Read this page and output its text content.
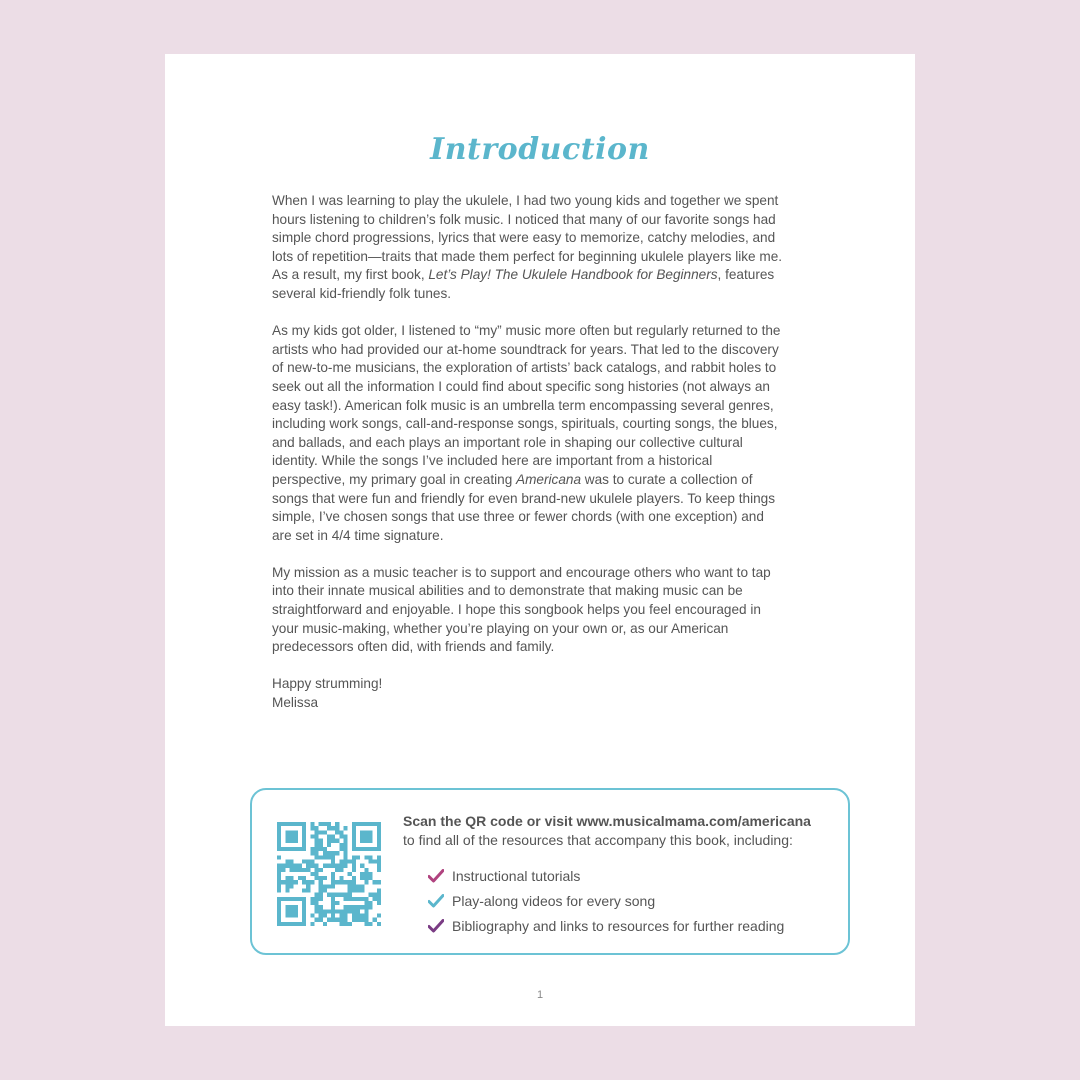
Introduction

When I was learning to play the ukulele, I had two young kids and together we spent hours listening to children’s folk music. I noticed that many of our favorite songs had simple chord progressions, lyrics that were easy to memorize, catchy melodies, and lots of repetition—traits that made them perfect for beginning ukulele players like me. As a result, my first book, Let’s Play! The Ukulele Handbook for Beginners, features several kid-friendly folk tunes.

As my kids got older, I listened to “my” music more often but regularly returned to the artists who had provided our at-home soundtrack for years. That led to the discovery of new-to-me musicians, the exploration of artists’ back catalogs, and rabbit holes to seek out all the information I could find about specific song histories (not always an easy task!). American folk music is an umbrella term encompassing several genres, including work songs, call-and-response songs, spirituals, courting songs, the blues, and ballads, and each plays an important role in shaping our collective cultural identity. While the songs I’ve included here are important from a historical perspective, my primary goal in creating Americana was to curate a collection of songs that were fun and friendly for even brand-new ukulele players. To keep things simple, I’ve chosen songs that use three or fewer chords (with one exception) and are set in 4/4 time signature.

My mission as a music teacher is to support and encourage others who want to tap into their innate musical abilities and to demonstrate that making music can be straightforward and enjoyable. I hope this songbook helps you feel encouraged in your music-making, whether you’re playing on your own or, as our American predecessors often did, with friends and family.

Happy strumming!

Melissa

Scan the QR code or visit www.musicalmama.com/americana
to find all of the resources that accompany this book, including:
Instructional tutorials
Play-along videos for every song
Bibliography and links to resources for further reading
1
